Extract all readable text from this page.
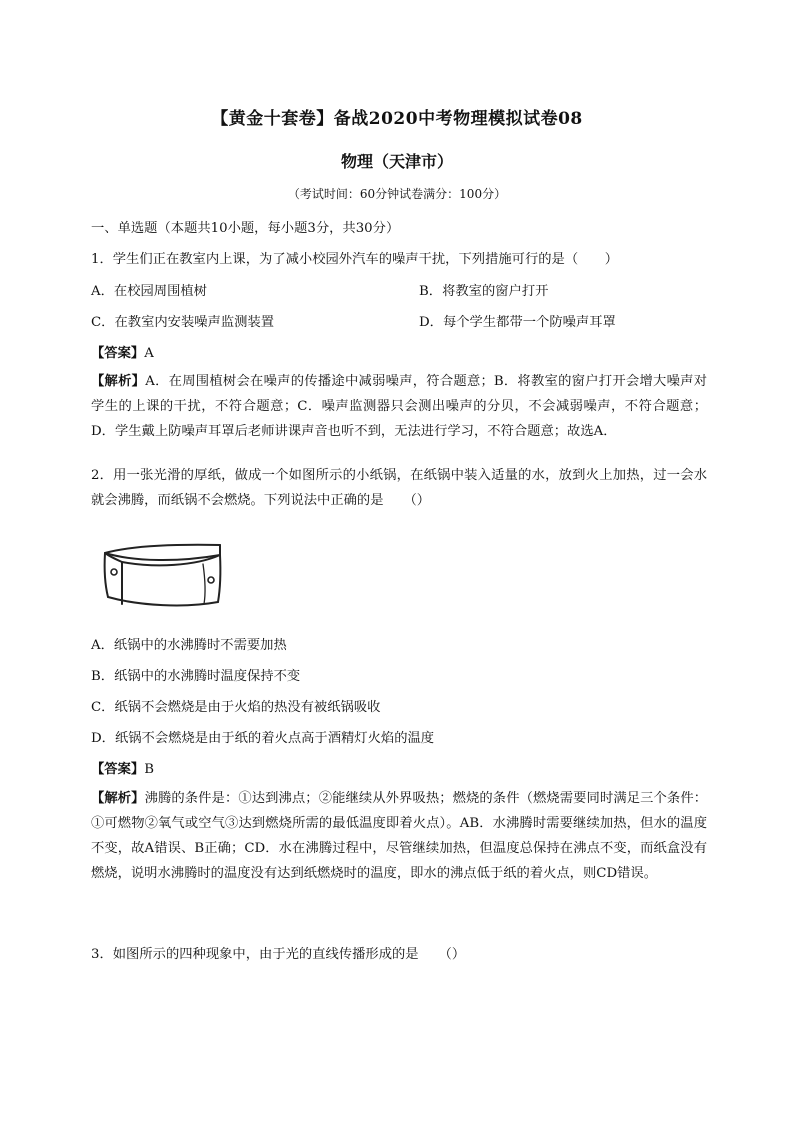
【黄金十套卷】备战2020中考物理模拟试卷08
物理（天津市）
（考试时间：60分钟试卷满分：100分）
一、单选题（本题共10小题，每小题3分，共30分）
1．学生们正在教室内上课，为了减小校园外汽车的噪声干扰，下列措施可行的是（　　）
A．在校园周围植树	B．将教室的窗户打开
C．在教室内安装噪声监测装置	D．每个学生都带一个防噪声耳罩
【答案】A
【解析】A．在周围植树会在噪声的传播途中减弱噪声，符合题意；B．将教室的窗户打开会增大噪声对学生的上课的干扰，不符合题意；C．噪声监测器只会测出噪声的分贝，不会减弱噪声，不符合题意；D．学生戴上防噪声耳罩后老师讲课声音也听不到，无法进行学习，不符合题意；故选A．
2．用一张光滑的厚纸，做成一个如图所示的小纸锅，在纸锅中装入适量的水，放到火上加热，过一会水就会沸腾，而纸锅不会燃烧。下列说法中正确的是　　（）
A．纸锅中的水沸腾时不需要加热
B．纸锅中的水沸腾时温度保持不变
C．纸锅不会燃烧是由于火焰的热没有被纸锅吸收
D．纸锅不会燃烧是由于纸的着火点高于酒精灯火焰的温度
【答案】B
【解析】沸腾的条件是：①达到沸点；②能继续从外界吸热；燃烧的条件（燃烧需要同时满足三个条件：①可燃物②氧气或空气③达到燃烧所需的最低温度即着火点）。AB．水沸腾时需要继续加热，但水的温度不变，故A错误、B正确；CD．水在沸腾过程中，尽管继续加热，但温度总保持在沸点不变，而纸盒没有燃烧，说明水沸腾时的温度没有达到纸燃烧时的温度，即水的沸点低于纸的着火点，则CD错误。
3．如图所示的四种现象中，由于光的直线传播形成的是　　（）
